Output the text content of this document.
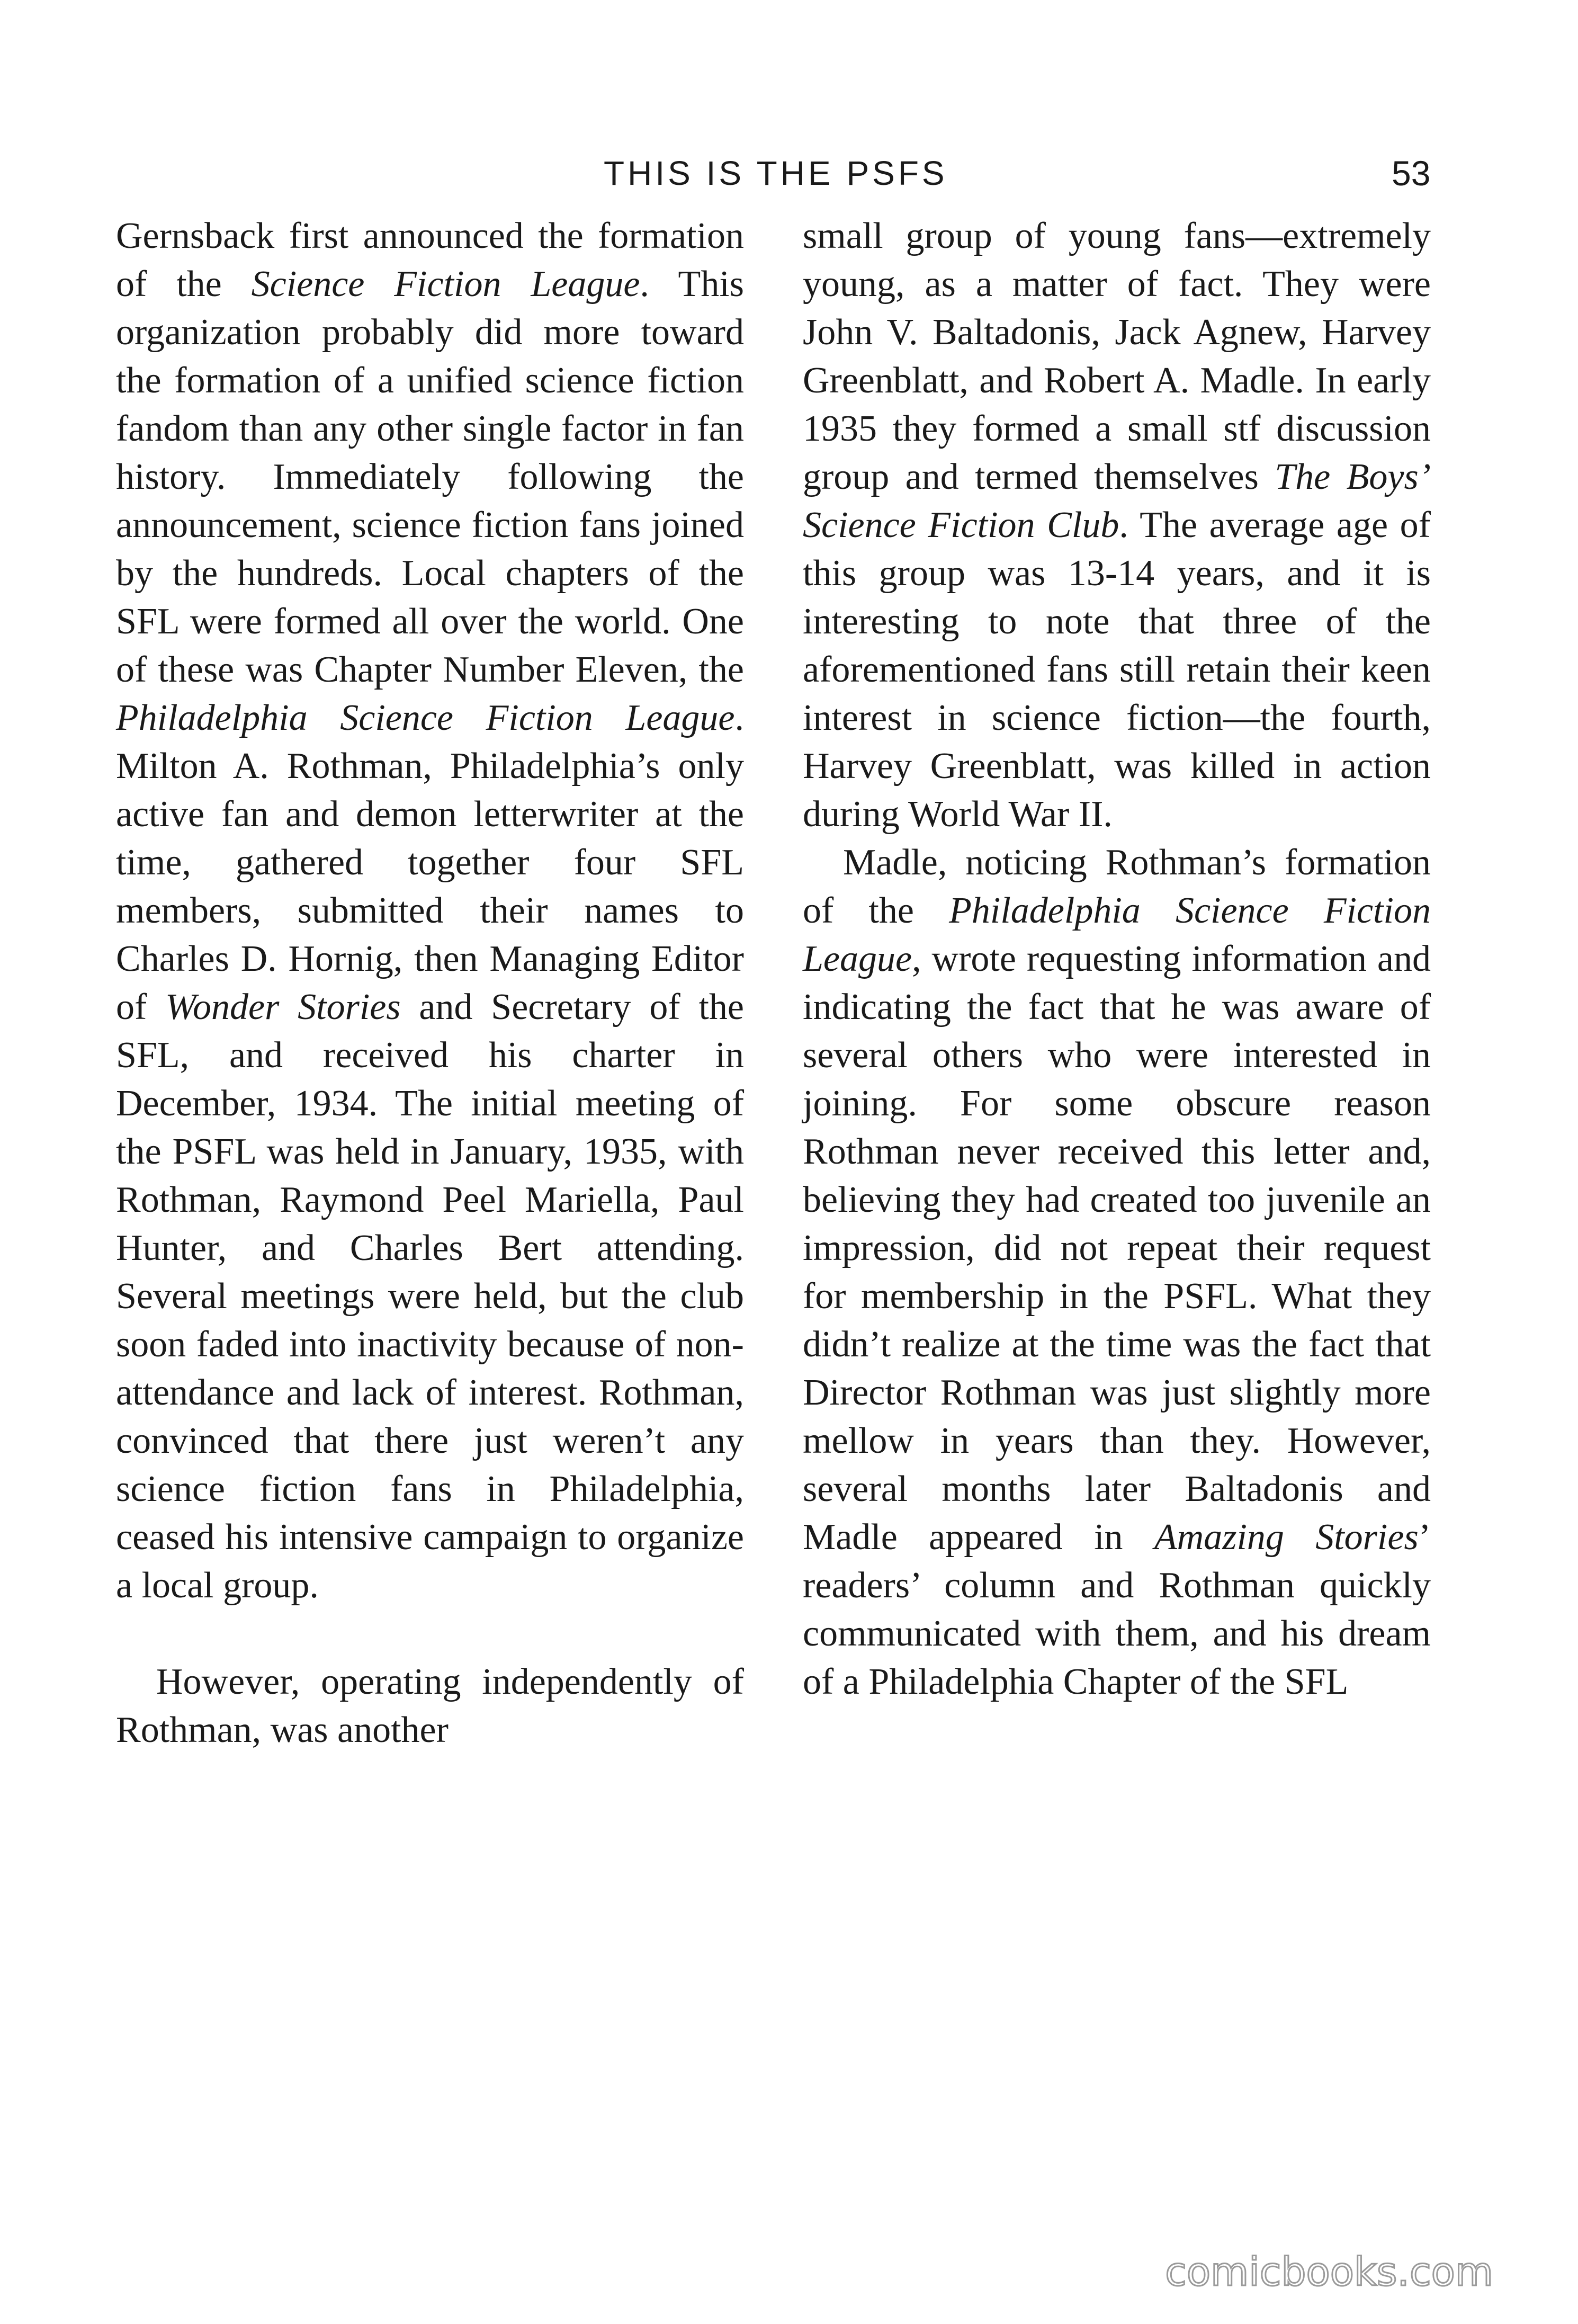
THIS IS THE PSFS	53

Gernsback first announced the formation of the Science Fiction League. This organization probably did more toward the formation of a unified science fiction fandom than any other single factor in fan history. Immediately following the announcement, science fiction fans joined by the hundreds. Local chapters of the SFL were formed all over the world. One of these was Chapter Number Eleven, the Philadelphia Science Fiction League. Milton A. Rothman, Philadelphia’s only active fan and demon letterwriter at the time, gathered together four SFL members, submitted their names to Charles D. Hornig, then Managing Editor of Wonder Stories and Secretary of the SFL, and received his charter in December, 1934. The initial meeting of the PSFL was held in January, 1935, with Rothman, Raymond Peel Mariella, Paul Hunter, and Charles Bert attending. Several meetings were held, but the club soon faded into inactivity because of non-attendance and lack of interest. Rothman, convinced that there just weren’t any science fiction fans in Philadelphia, ceased his intensive campaign to organize a local group.

However, operating independently of Rothman, was another

small group of young fans—extremely young, as a matter of fact. They were John V. Baltadonis, Jack Agnew, Harvey Greenblatt, and Robert A. Madle. In early 1935 they formed a small stf discussion group and termed themselves The Boys’ Science Fiction Club. The average age of this group was 13-14 years, and it is interesting to note that three of the aforementioned fans still retain their keen interest in science fiction—the fourth, Harvey Greenblatt, was killed in action during World War II.

Madle, noticing Rothman’s formation of the Philadelphia Science Fiction League, wrote requesting information and indicating the fact that he was aware of several others who were interested in joining. For some obscure reason Rothman never received this letter and, believing they had created too juvenile an impression, did not repeat their request for membership in the PSFL. What they didn’t realize at the time was the fact that Director Rothman was just slightly more mellow in years than they. However, several months later Baltadonis and Madle appeared in Amazing Stories’ readers’ column and Rothman quickly communicated with them, and his dream of a Philadelphia Chapter of the SFL

comicbooks.com
